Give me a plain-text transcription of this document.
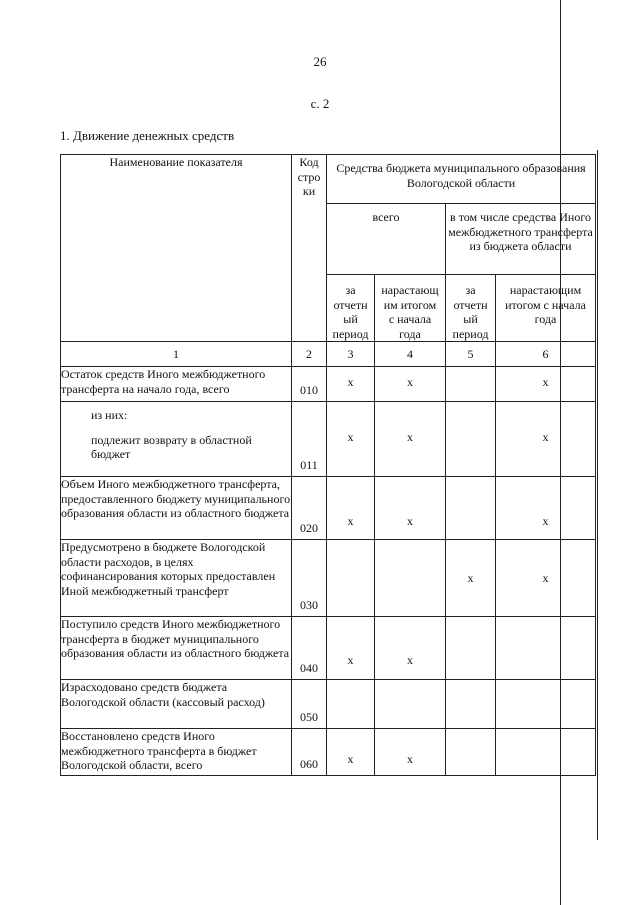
26
с. 2
1. Движение денежных средств
Наименование показателя	Код
стро
ки	Средства бюджета муниципального образования Вологодской области			
		всего		в том числе средства Иного межбюджетного трансферта из бюджета области	
		за
отчетн
ый
период	нарастающ
им итогом
с начала
года	за
отчетн
ый
период	нарастающим итогом с начала года
1	2	3	4	5	6
Остаток средств Иного межбюджетного трансферта на начало года, всего	010	x	x		x

из них:
подлежит возврату в областной бюджет	011	x	x		x
Объем Иного межбюджетного трансферта, предоставленного бюджету муниципального образования области из областного бюджета	020	x	x		x
Предусмотрено в бюджете Вологодской области расходов, в целях софинансирования которых предоставлен Иной межбюджетный трансферт	030			x	x
Поступило средств Иного межбюджетного трансферта в бюджет муниципального образования области из областного бюджета	040	x	x		
Израсходовано средств бюджета Вологодской области (кассовый расход)	050				
Восстановлено средств Иного межбюджетного трансферта в бюджет Вологодской области, всего	060	x	x		
